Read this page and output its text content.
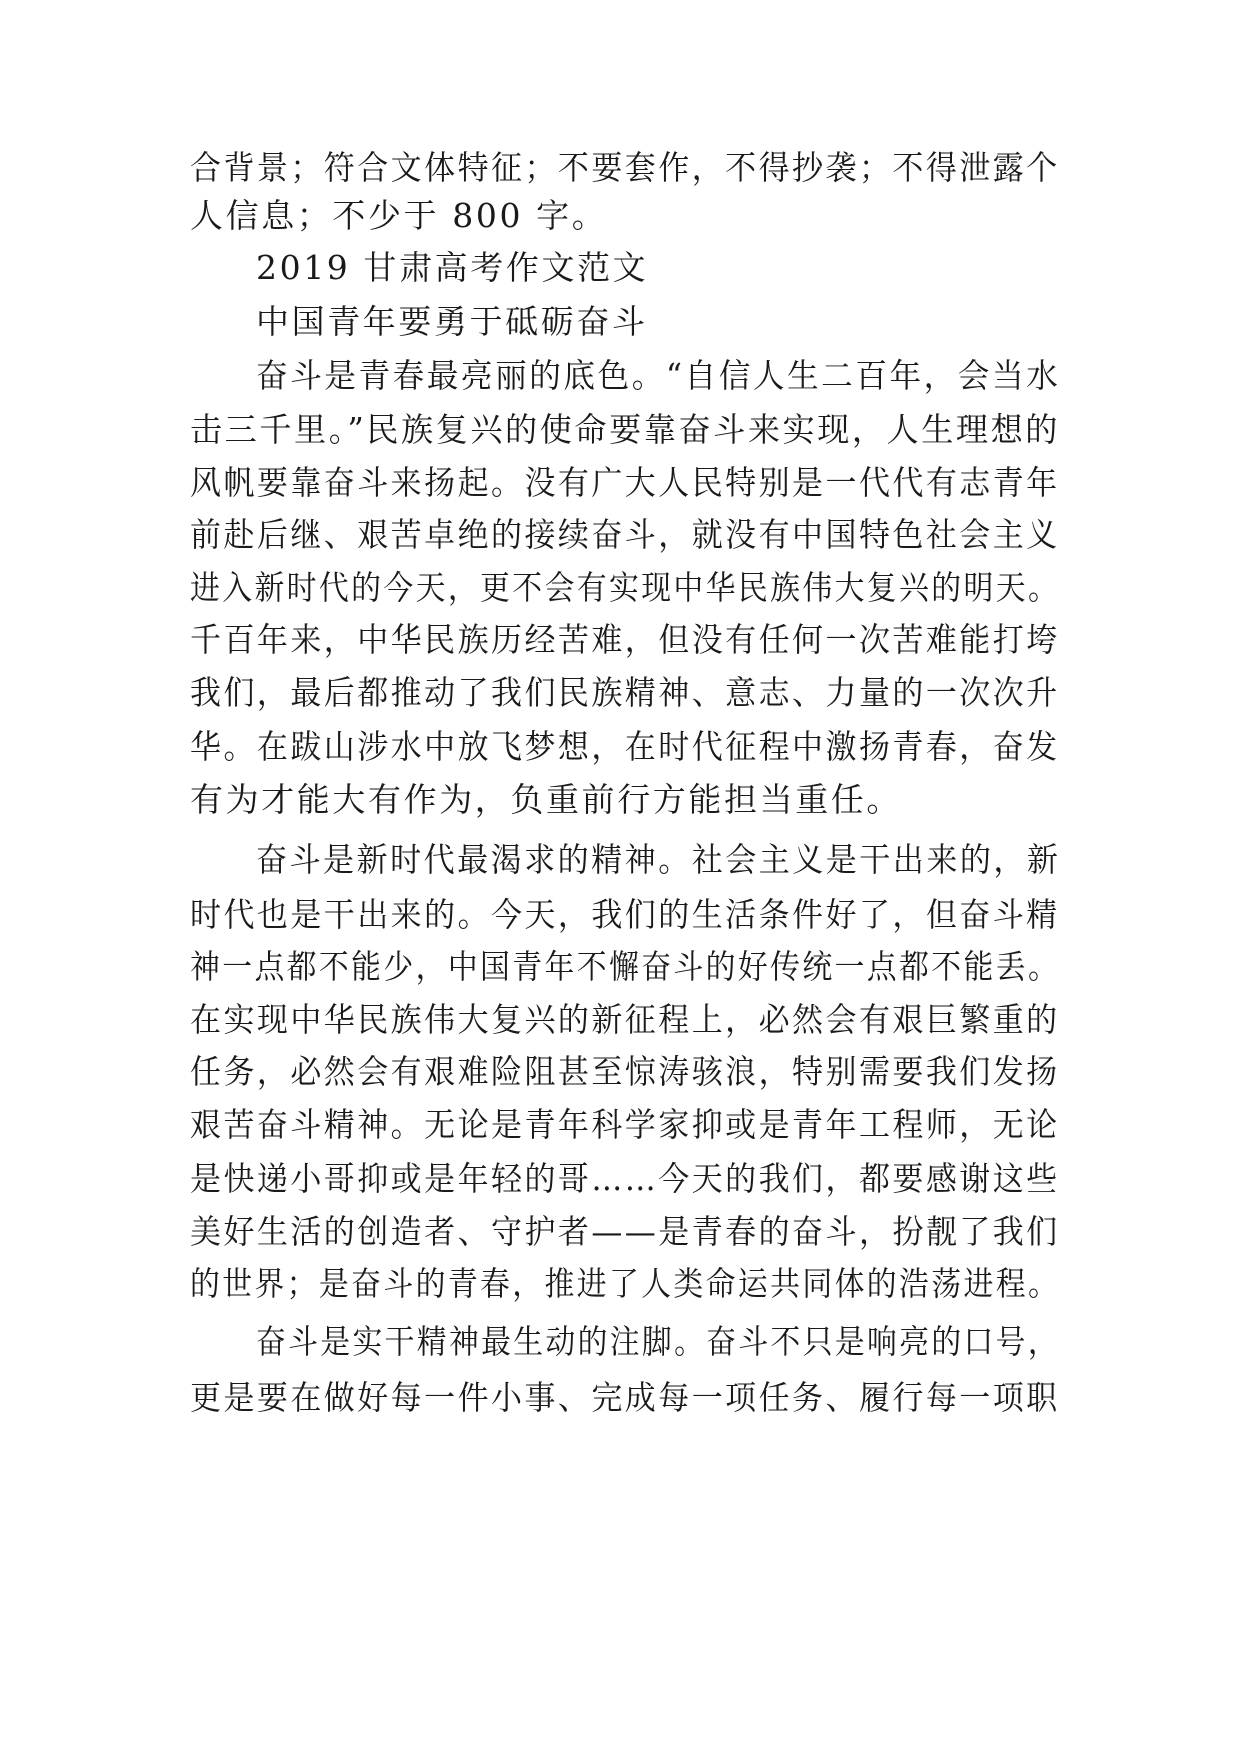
合背景；符合文体特征；不要套作，不得抄袭；不得泄露个
人信息；不少于 800 字。
2019 甘肃高考作文范文
中国青年要勇于砥砺奋斗
奋斗是青春最亮丽的底色。“自信人生二百年，会当水
击三千里。”民族复兴的使命要靠奋斗来实现，人生理想的
风帆要靠奋斗来扬起。没有广大人民特别是一代代有志青年
前赴后继、艰苦卓绝的接续奋斗，就没有中国特色社会主义
进入新时代的今天，更不会有实现中华民族伟大复兴的明天。
千百年来，中华民族历经苦难，但没有任何一次苦难能打垮
我们，最后都推动了我们民族精神、意志、力量的一次次升
华。在跋山涉水中放飞梦想，在时代征程中激扬青春，奋发
有为才能大有作为，负重前行方能担当重任。
奋斗是新时代最渴求的精神。社会主义是干出来的，新
时代也是干出来的。今天，我们的生活条件好了，但奋斗精
神一点都不能少，中国青年不懈奋斗的好传统一点都不能丢。
在实现中华民族伟大复兴的新征程上，必然会有艰巨繁重的
任务，必然会有艰难险阻甚至惊涛骇浪，特别需要我们发扬
艰苦奋斗精神。无论是青年科学家抑或是青年工程师，无论
是快递小哥抑或是年轻的哥……今天的我们，都要感谢这些
美好生活的创造者、守护者——是青春的奋斗，扮靓了我们
的世界；是奋斗的青春，推进了人类命运共同体的浩荡进程。
奋斗是实干精神最生动的注脚。奋斗不只是响亮的口号，
更是要在做好每一件小事、完成每一项任务、履行每一项职
